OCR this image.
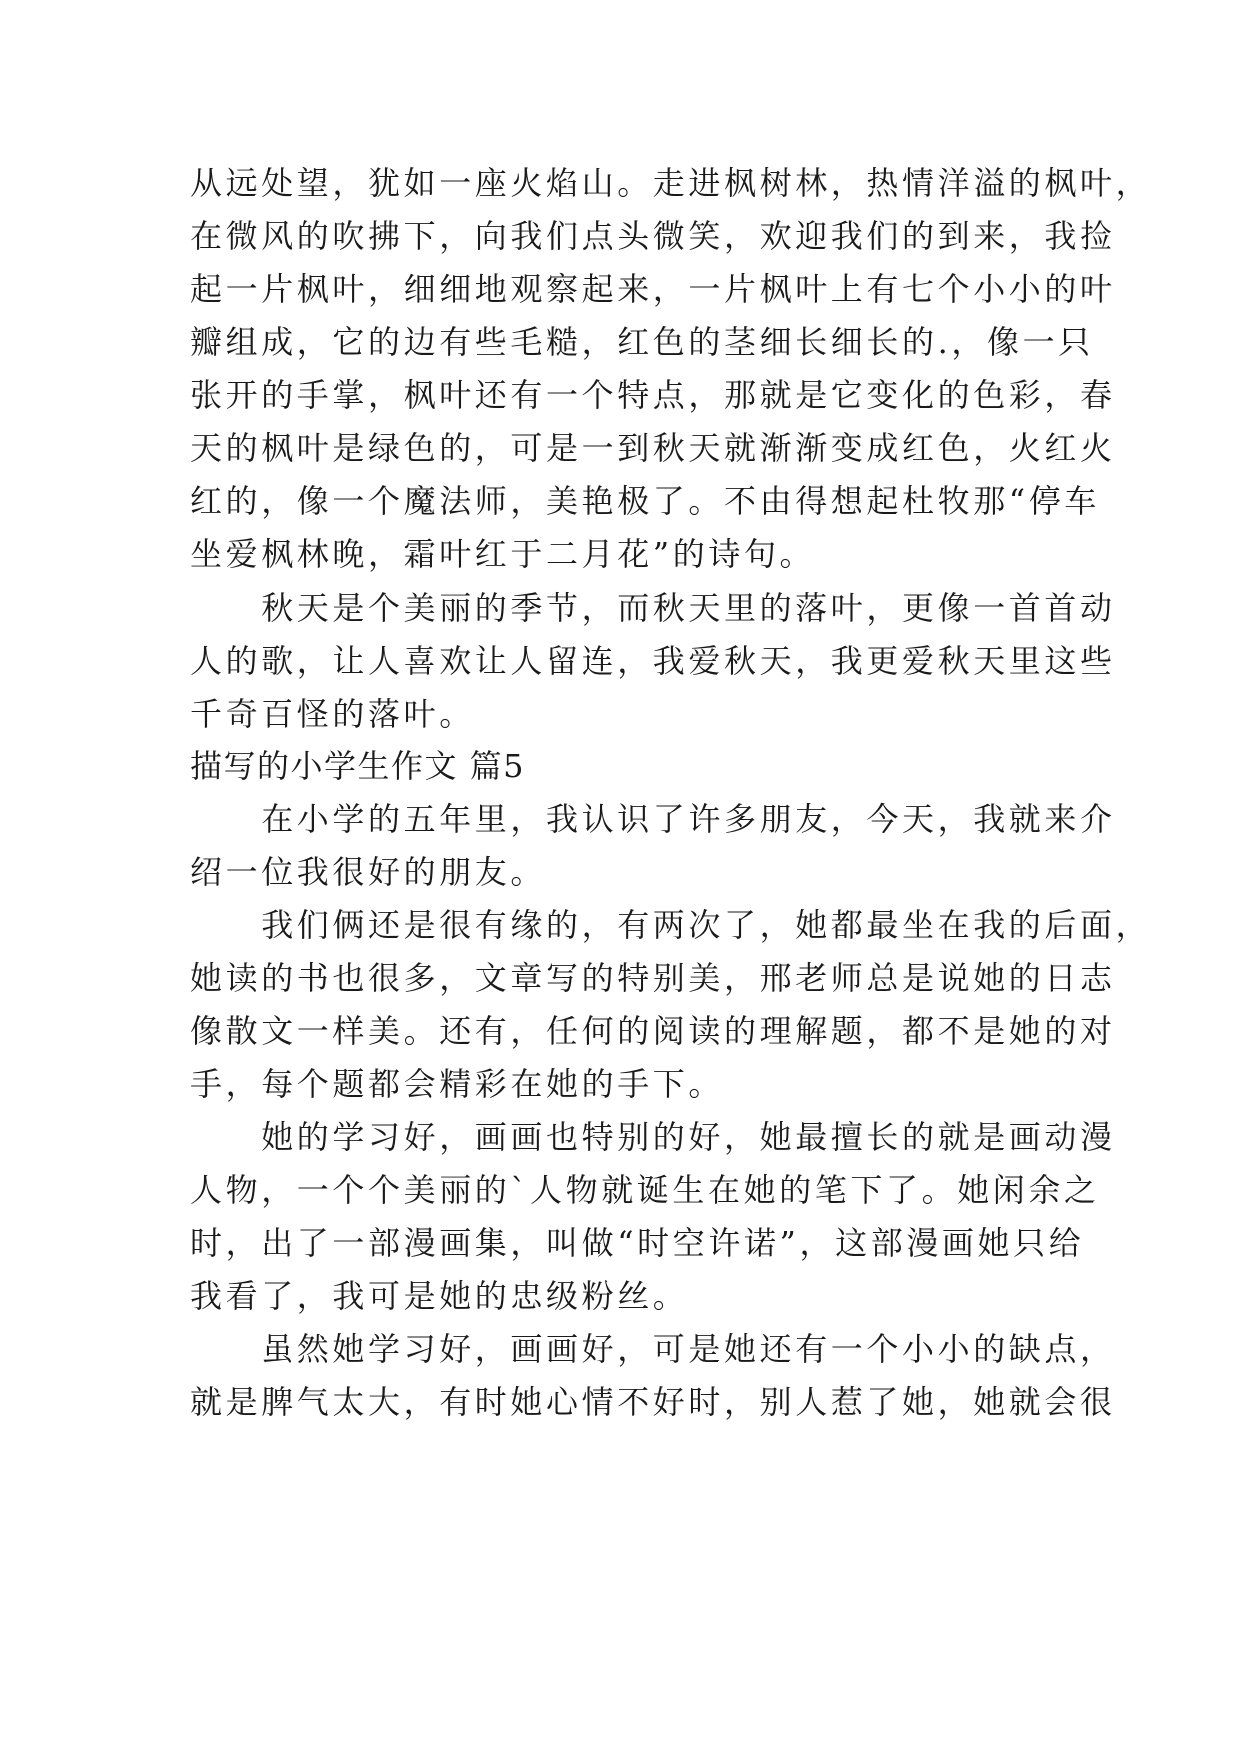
从远处望，犹如一座火焰山。走进枫树林，热情洋溢的枫叶，
在微风的吹拂下，向我们点头微笑，欢迎我们的到来，我捡
起一片枫叶，细细地观察起来，一片枫叶上有七个小小的叶
瓣组成，它的边有些毛糙，红色的茎细长细长的.，像一只
张开的手掌，枫叶还有一个特点，那就是它变化的色彩，春
天的枫叶是绿色的，可是一到秋天就渐渐变成红色，火红火
红的，像一个魔法师，美艳极了。不由得想起杜牧那“停车
坐爱枫林晚，霜叶红于二月花”的诗句。
　　秋天是个美丽的季节，而秋天里的落叶，更像一首首动
人的歌，让人喜欢让人留连，我爱秋天，我更爱秋天里这些
千奇百怪的落叶。
描写的小学生作文 篇5
　　在小学的五年里，我认识了许多朋友，今天，我就来介
绍一位我很好的朋友。
　　我们俩还是很有缘的，有两次了，她都最坐在我的后面，
她读的书也很多，文章写的特别美，邢老师总是说她的日志
像散文一样美。还有，任何的阅读的理解题，都不是她的对
手，每个题都会精彩在她的手下。
　　她的学习好，画画也特别的好，她最擅长的就是画动漫
人物，一个个美丽的`人物就诞生在她的笔下了。她闲余之
时，出了一部漫画集，叫做“时空许诺”，这部漫画她只给
我看了，我可是她的忠级粉丝。
　　虽然她学习好，画画好，可是她还有一个小小的缺点，
就是脾气太大，有时她心情不好时，别人惹了她，她就会很
